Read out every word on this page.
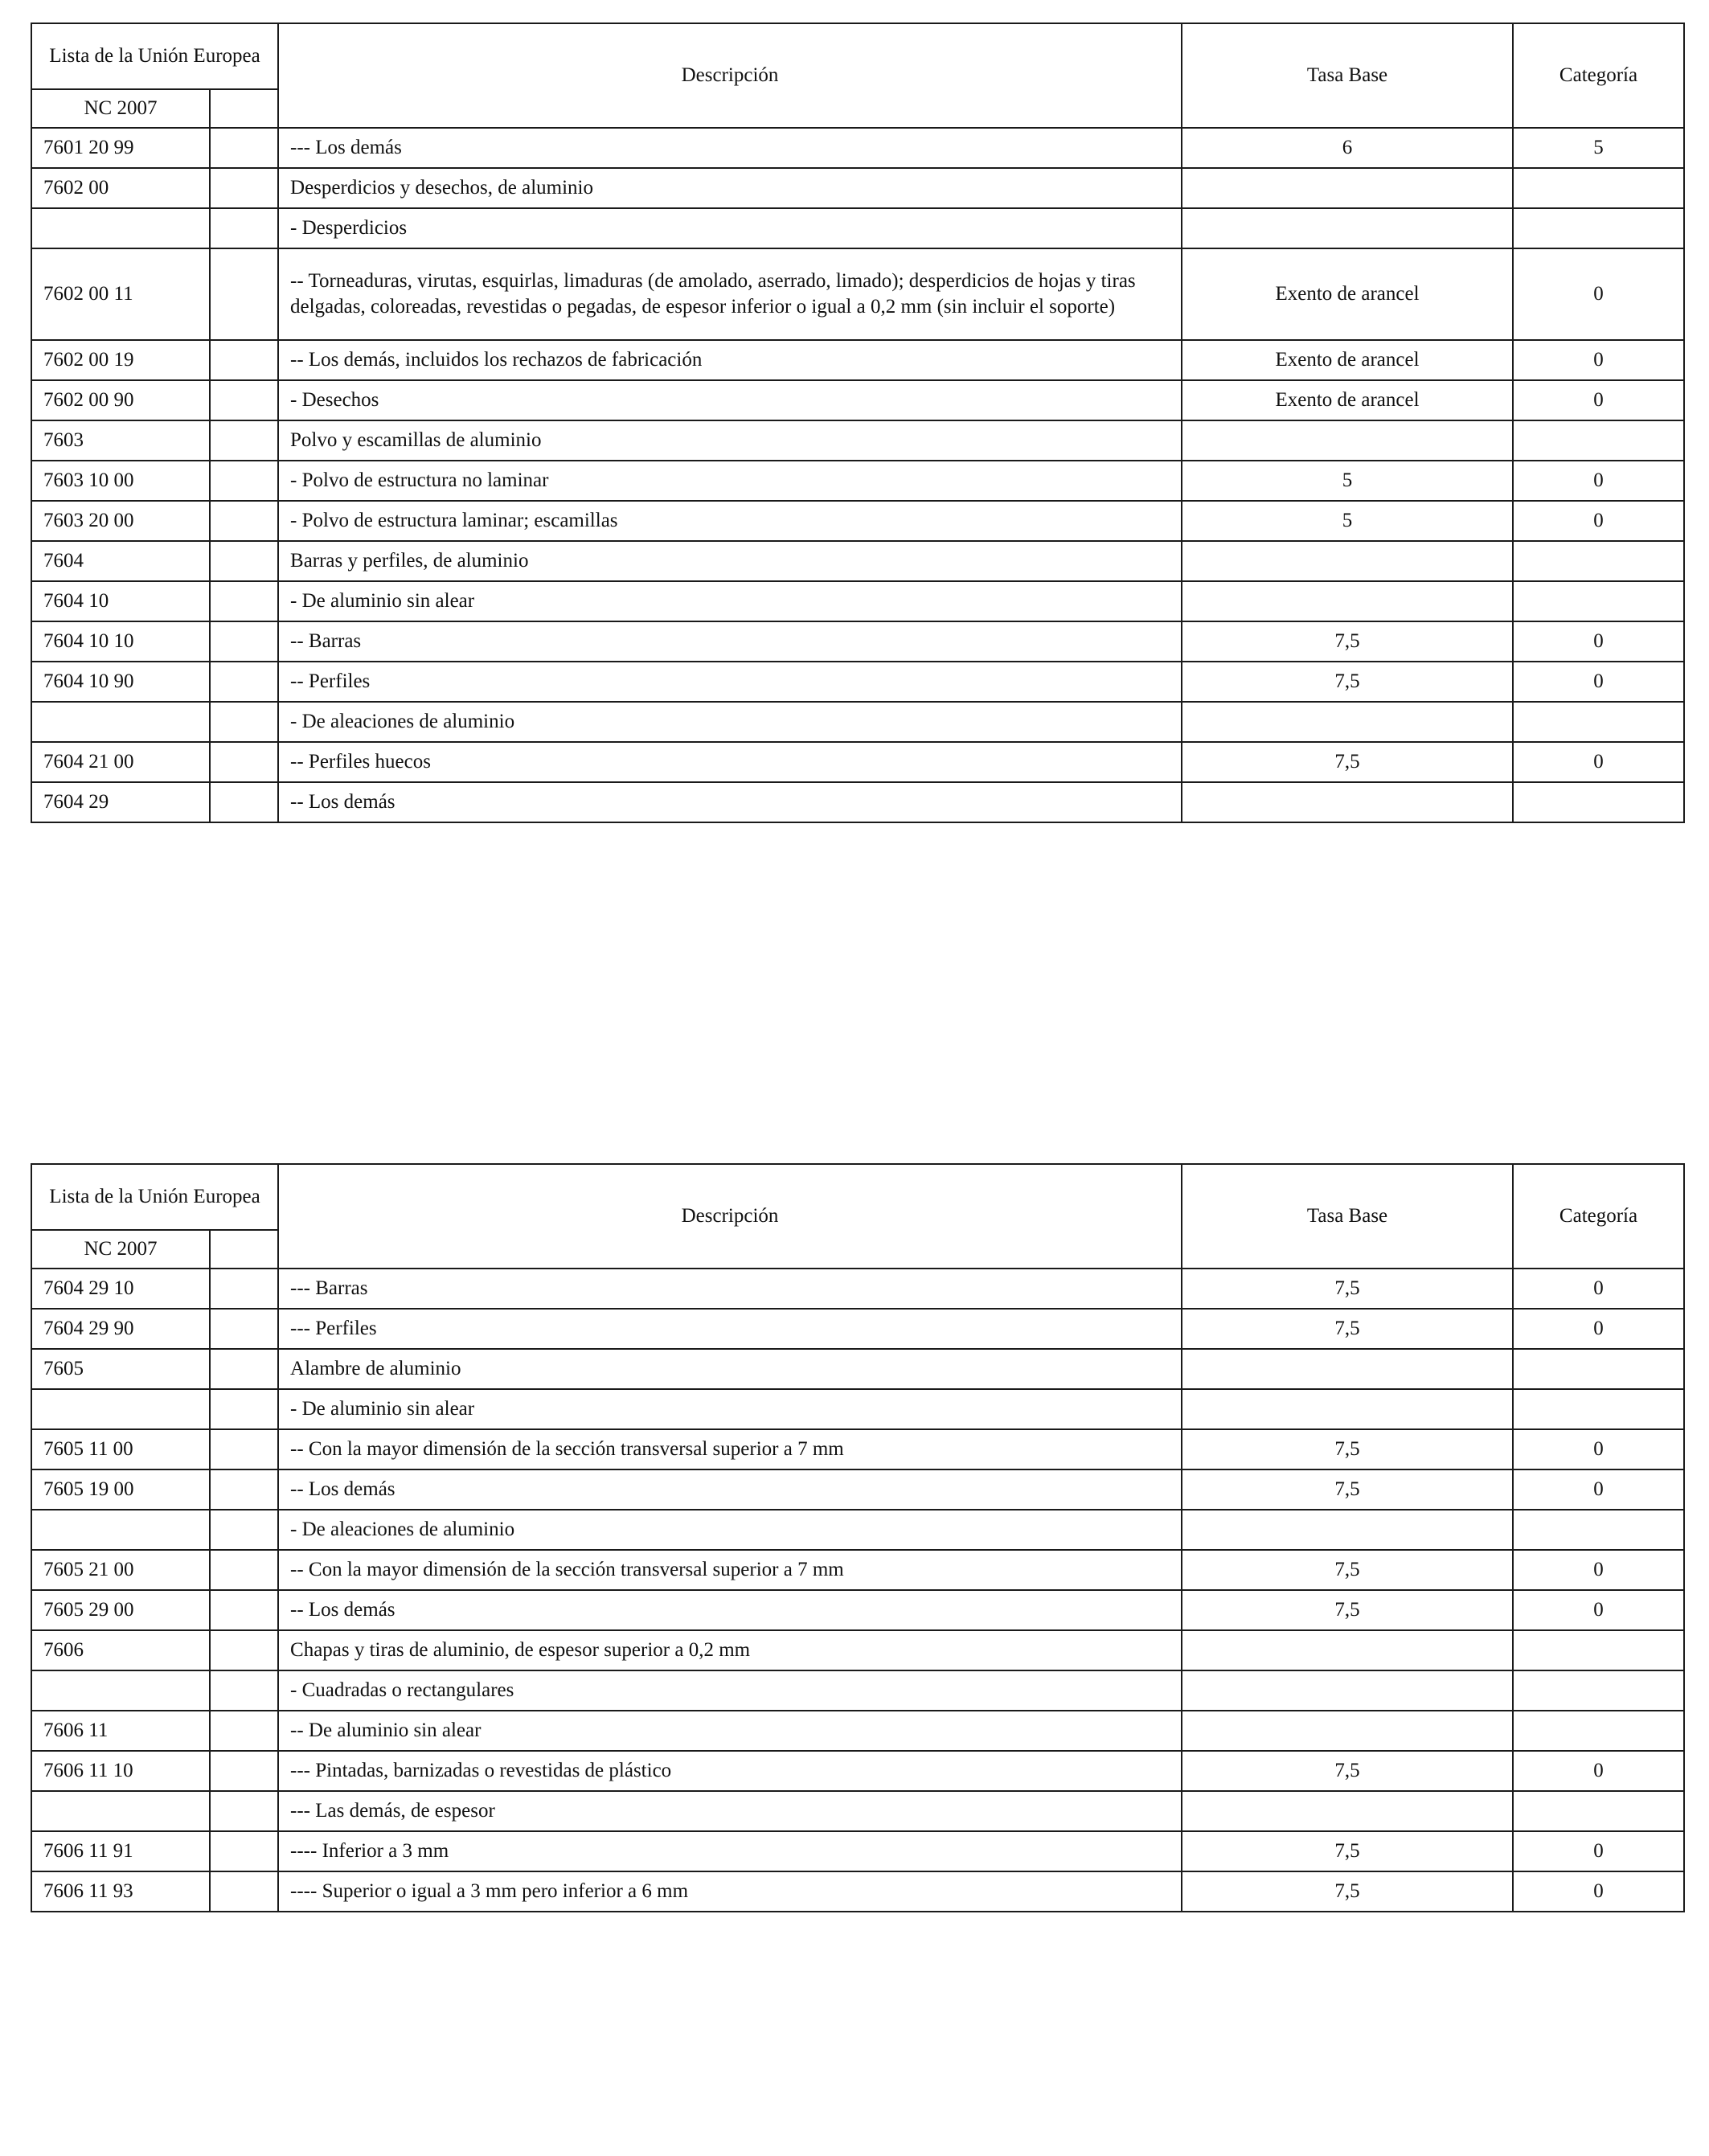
Lista de la Unión Europea		Descripción	Tasa Base	Categoría
NC 2007				
7601 20 99		--- Los demás	6	5
7602 00		Desperdicios y desechos, de aluminio		
		- Desperdicios		
7602 00 11		-- Torneaduras, virutas, esquirlas, limaduras (de amolado, aserrado, limado); desperdicios de hojas y tiras delgadas, coloreadas, revestidas o pegadas, de espesor inferior o igual a 0,2 mm (sin incluir el soporte)	Exento de arancel	0
7602 00 19		-- Los demás, incluidos los rechazos de fabricación	Exento de arancel	0
7602 00 90		- Desechos	Exento de arancel	0
7603		Polvo y escamillas de aluminio		
7603 10 00		- Polvo de estructura no laminar	5	0
7603 20 00		- Polvo de estructura laminar; escamillas	5	0
7604		Barras y perfiles, de aluminio		
7604 10		- De aluminio sin alear		
7604 10 10		-- Barras	7,5	0
7604 10 90		-- Perfiles	7,5	0
		- De aleaciones de aluminio		
7604 21 00		-- Perfiles huecos	7,5	0
7604 29		-- Los demás		
Lista de la Unión Europea		Descripción	Tasa Base	Categoría
NC 2007				
7604 29 10		--- Barras	7,5	0
7604 29 90		--- Perfiles	7,5	0
7605		Alambre de aluminio		
		- De aluminio sin alear		
7605 11 00		-- Con la mayor dimensión de la sección transversal superior a 7 mm	7,5	0
7605 19 00		-- Los demás	7,5	0
		- De aleaciones de aluminio		
7605 21 00		-- Con la mayor dimensión de la sección transversal superior a 7 mm	7,5	0
7605 29 00		-- Los demás	7,5	0
7606		Chapas y tiras de aluminio, de espesor superior a 0,2 mm		
		- Cuadradas o rectangulares		
7606 11		-- De aluminio sin alear		
7606 11 10		--- Pintadas, barnizadas o revestidas de plástico	7,5	0
		--- Las demás, de espesor		
7606 11 91		---- Inferior a 3 mm	7,5	0
7606 11 93		---- Superior o igual a 3 mm pero inferior a 6 mm	7,5	0
